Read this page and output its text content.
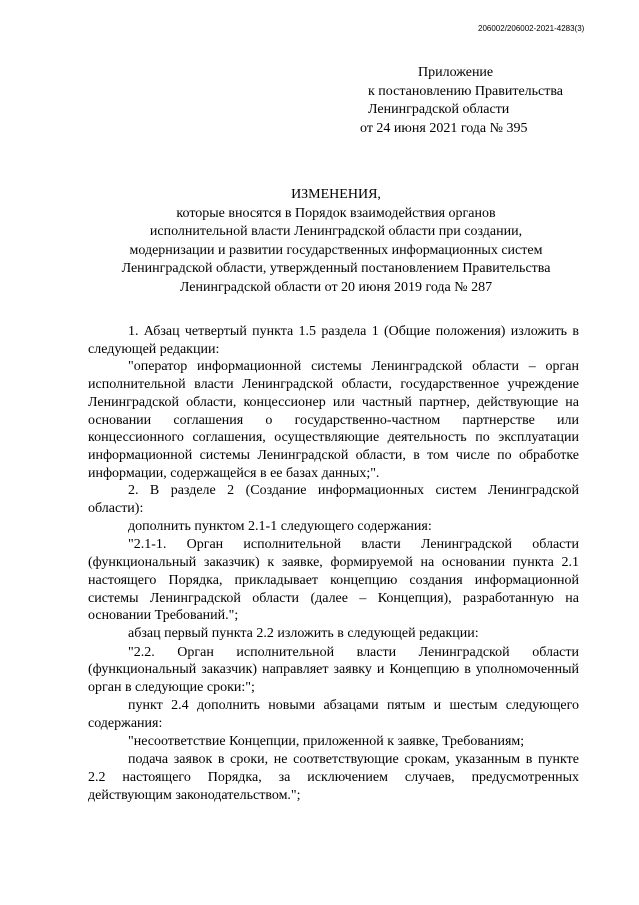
206002/206002-2021-4283(3)
Приложение
к постановлению Правительства
Ленинградской области
от 24 июня 2021 года № 395
ИЗМЕНЕНИЯ,
которые вносятся в Порядок взаимодействия органов
исполнительной власти Ленинградской области при создании,
модернизации и развитии государственных информационных систем
Ленинградской области, утвержденный постановлением Правительства
Ленинградской области от 20 июня 2019 года № 287

1. Абзац четвертый пункта 1.5 раздела 1 (Общие положения) изложить в следующей редакции:

"оператор информационной системы Ленинградской области – орган исполнительной власти Ленинградской области, государственное учреждение Ленинградской области, концессионер или частный партнер, действующие на основании соглашения о государственно-частном партнерстве или концессионного соглашения, осуществляющие деятельность по эксплуатации информационной системы Ленинградской области, в том числе по обработке информации, содержащейся в ее базах данных;".

2. В разделе 2 (Создание информационных систем Ленинградской области):

дополнить пунктом 2.1-1 следующего содержания:

"2.1-1. Орган исполнительной власти Ленинградской области (функциональный заказчик) к заявке, формируемой на основании пункта 2.1 настоящего Порядка, прикладывает концепцию создания информационной системы Ленинградской области (далее – Концепция), разработанную на основании Требований.";

абзац первый пункта 2.2 изложить в следующей редакции:

"2.2. Орган исполнительной власти Ленинградской области (функциональный заказчик) направляет заявку и Концепцию в уполномоченный орган в следующие сроки:";

пункт 2.4 дополнить новыми абзацами пятым и шестым следующего содержания:

"несоответствие Концепции, приложенной к заявке, Требованиям;

подача заявок в сроки, не соответствующие срокам, указанным в пункте 2.2 настоящего Порядка, за исключением случаев, предусмотренных действующим законодательством.";
